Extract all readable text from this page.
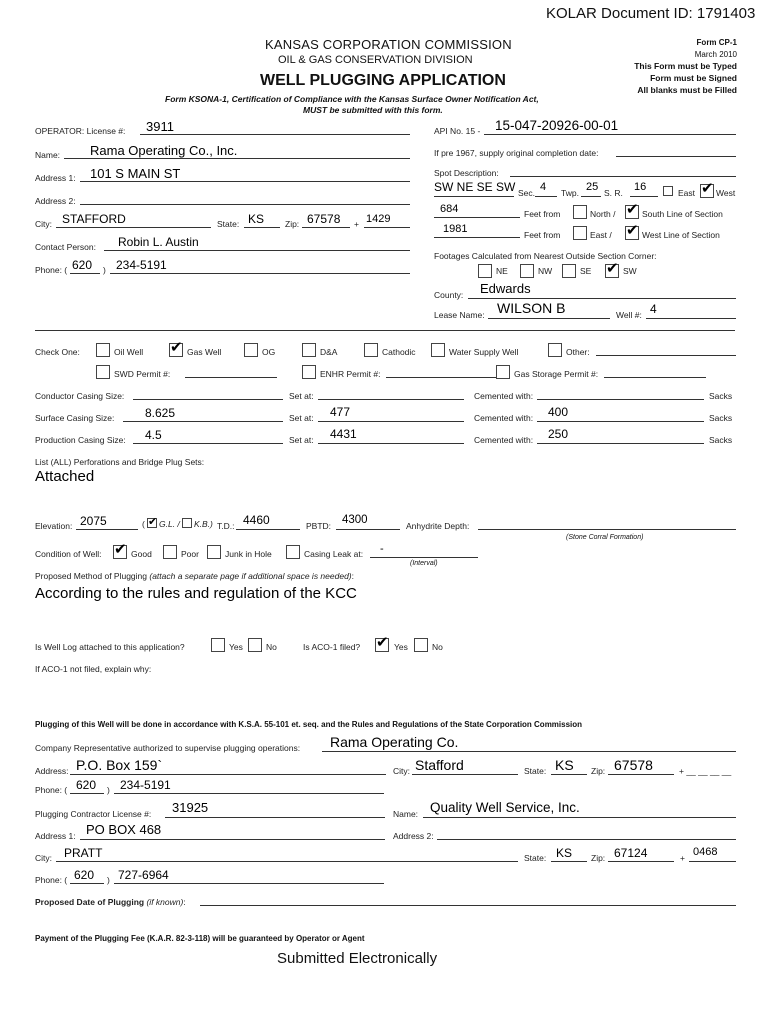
KOLAR Document ID: 1791403
KANSAS CORPORATION COMMISSION
OIL & GAS CONSERVATION DIVISION
WELL PLUGGING APPLICATION
Form KSONA-1, Certification of Compliance with the Kansas Surface Owner Notification Act,
MUST be submitted with this form.
Form CP-1
March 2010
This Form must be Typed
Form must be Signed
All blanks must be Filled
OPERATOR: License #: 3911
Name: Rama Operating Co., Inc.
Address 1: 101 S MAIN ST
Address 2:
City: STAFFORD	State: KS Zip: 67578 + 1429
Contact Person: Robin L. Austin
Phone: ( 620 ) 234-5191
API No. 15 - 15-047-20926-00-01
If pre 1967, supply original completion date:
Spot Description:
SW NE SE SW Sec. 4 Twp. 25 S. R. 16	East ✔ West
684	Feet from	North / ✔ South Line of Section
1981	Feet from	East / ✔ West Line of Section
Footages Calculated from Nearest Outside Section Corner:
NE	NW	SE ✔ SW
County: Edwards
Lease Name: WILSON B	Well #: 4
Check One:	Oil Well ✔ Gas Well	OG	D&A	Cathodic	Water Supply Well	Other:
SWD Permit #:	ENHR Permit #:	Gas Storage Permit #:
Conductor Casing Size:	Set at:	Cemented with:	Sacks
Surface Casing Size:	8.625	Set at: 477	Cemented with: 400	Sacks
Production Casing Size: 4.5	Set at: 4431	Cemented with: 250	Sacks
List (ALL) Perforations and Bridge Plug Sets:
Attached
Elevation: 2075	( ✔ G.L. / K.B.) T.D.: 4460	PBTD: 4300	Anhydrite Depth:
(Stone Corral Formation)
Condition of Well: ✔ Good	Poor	Junk in Hole	Casing Leak at: -
(Interval)
Proposed Method of Plugging (attach a separate page if additional space is needed):
According to the rules and regulation of the KCC
Is Well Log attached to this application?	Yes	No	Is ACO-1 filed? ✔ Yes	No
If ACO-1 not filed, explain why:
Plugging of this Well will be done in accordance with K.S.A. 55-101 et. seq. and the Rules and Regulations of the State Corporation Commission
Company Representative authorized to supervise plugging operations: Rama Operating Co.
Address: P.O. Box 159`	City: Stafford	State: KS Zip: 67578	+ __ __ __ __
Phone: ( 620 ) 234-5191
Plugging Contractor License #: 31925	Name: Quality Well Service, Inc.
Address 1: PO BOX 468	Address 2:
City: PRATT	State: KS Zip: 67124	+ 0468
Phone: ( 620 ) 727-6964
Proposed Date of Plugging (if known):
Payment of the Plugging Fee (K.A.R. 82-3-118) will be guaranteed by Operator or Agent
Submitted Electronically
